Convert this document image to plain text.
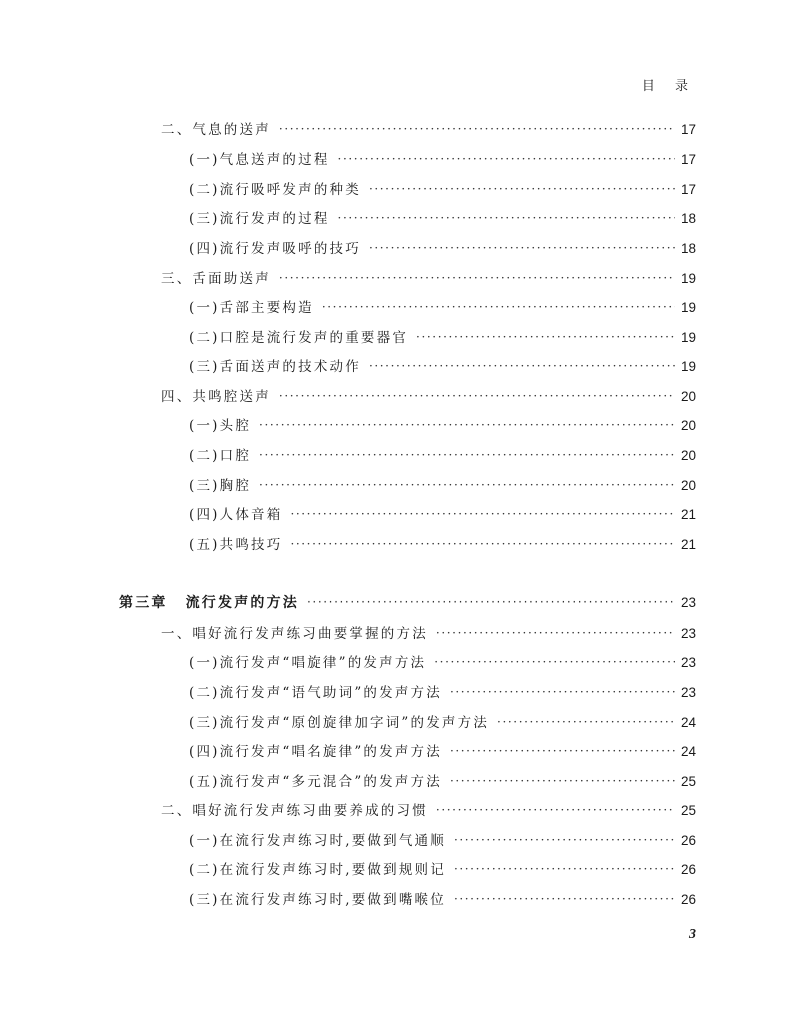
目 录
二、气息的送声 ·····	17
(一)气息送声的过程 ·····	17
(二)流行吸呼发声的种类 ·····	17
(三)流行发声的过程 ·····	18
(四)流行发声吸呼的技巧 ·····	18
三、舌面助送声 ·····	19
(一)舌部主要构造 ·····	19
(二)口腔是流行发声的重要器官 ·····	19
(三)舌面送声的技术动作 ·····	19
四、共鸣腔送声 ·····	20
(一)头腔 ·····	20
(二)口腔 ·····	20
(三)胸腔 ·····	20
(四)人体音箱 ·····	21
(五)共鸣技巧 ·····	21
第三章 流行发声的方法 ·····	23
一、唱好流行发声练习曲要掌握的方法 ·····	23
(一)流行发声“唱旋律”的发声方法 ·····	23
(二)流行发声“语气助词”的发声方法 ·····	23
(三)流行发声“原创旋律加字词”的发声方法 ·····	24
(四)流行发声“唱名旋律”的发声方法 ·····	24
(五)流行发声“多元混合”的发声方法 ·····	25
二、唱好流行发声练习曲要养成的习惯 ·····	25
(一)在流行发声练习时,要做到气通顺 ·····	26
(二)在流行发声练习时,要做到规则记 ·····	26
(三)在流行发声练习时,要做到嘴喉位 ·····	26
3
